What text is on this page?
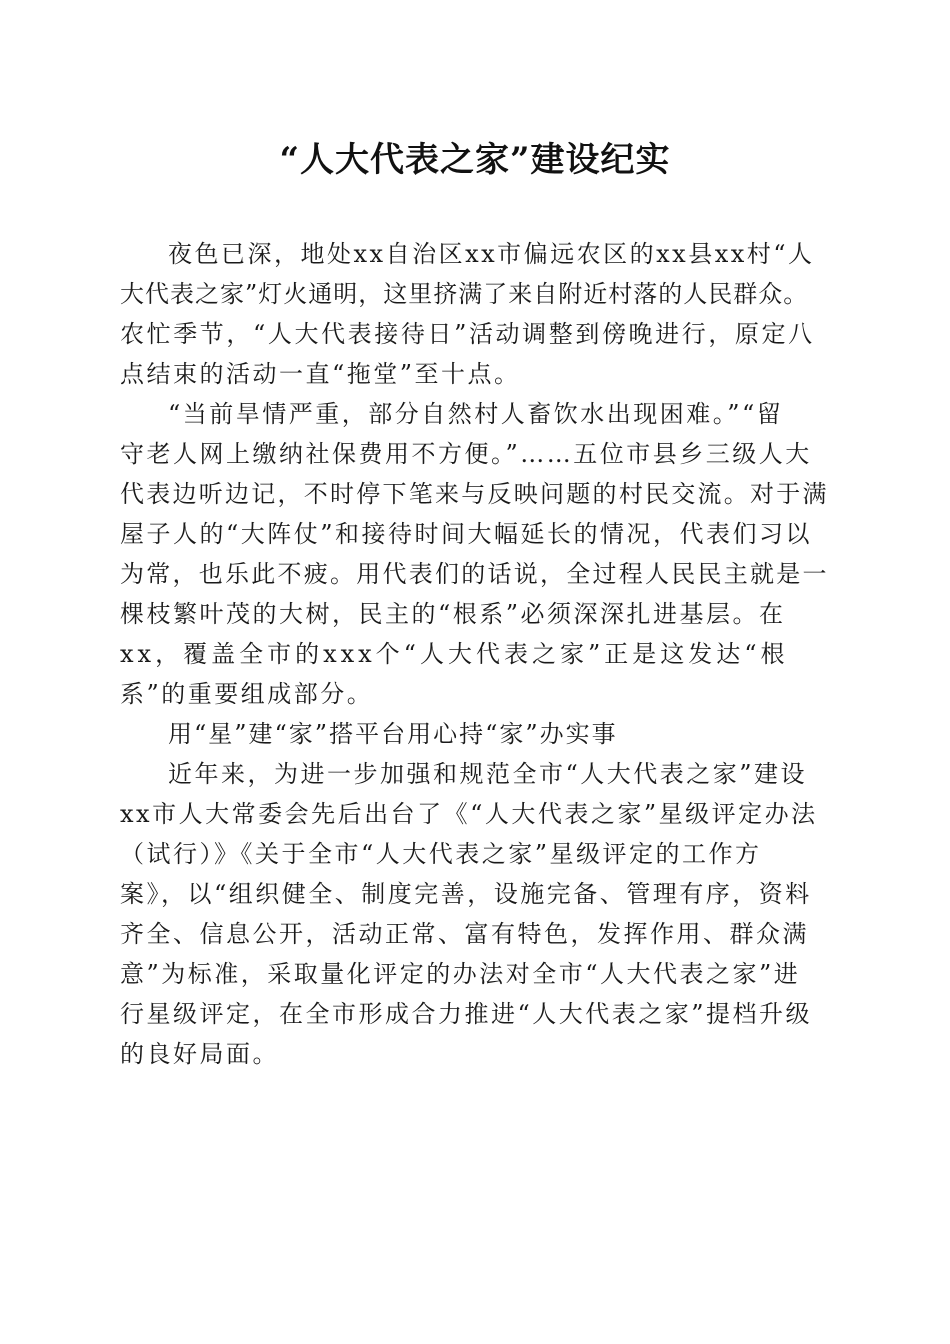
“人大代表之家”建设纪实
夜色已深，地处xx自治区xx市偏远农区的xx县xx村“人
大代表之家”灯火通明，这里挤满了来自附近村落的人民群众。
农忙季节，“人大代表接待日”活动调整到傍晚进行，原定八
点结束的活动一直“拖堂”至十点。
“当前旱情严重，部分自然村人畜饮水出现困难。”“留
守老人网上缴纳社保费用不方便。”……五位市县乡三级人大
代表边听边记，不时停下笔来与反映问题的村民交流。对于满
屋子人的“大阵仗”和接待时间大幅延长的情况，代表们习以
为常，也乐此不疲。用代表们的话说，全过程人民民主就是一
棵枝繁叶茂的大树，民主的“根系”必须深深扎进基层。在
xx，覆盖全市的xxx个“人大代表之家”正是这发达“根
系”的重要组成部分。
用“星”建“家”搭平台用心持“家”办实事
近年来，为进一步加强和规范全市“人大代表之家”建设
xx市人大常委会先后出台了《“人大代表之家”星级评定办法
（试行）》《关于全市“人大代表之家”星级评定的工作方
案》，以“组织健全、制度完善，设施完备、管理有序，资料
齐全、信息公开，活动正常、富有特色，发挥作用、群众满
意”为标准，采取量化评定的办法对全市“人大代表之家”进
行星级评定，在全市形成合力推进“人大代表之家”提档升级
的良好局面。
